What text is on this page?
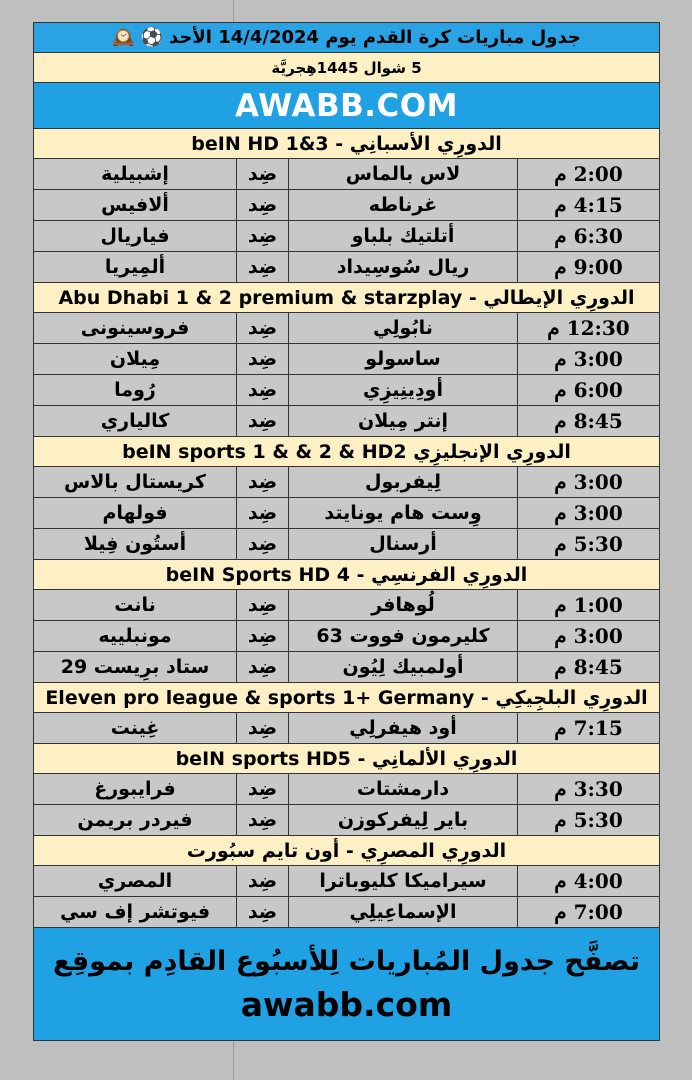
جدول مباريات كرة القدم يوم 14/4/2024 الأحد
⚽
🕰️
5 شوال 1445هِجريَّة
AWABB.COM
الدورِي الأسبانِي - beIN HD 1&3
2:00 م
لاس بالماس
ضِد
إشبيلية
4:15 م
غرناطه
ضِد
ألافيس
6:30 م
أتلتيك بلباو
ضِد
فياريال
9:00 م
ريال سُوسِيداد
ضِد
ألمِيريا
الدورِي الإيطالي - Abu Dhabi 1 & 2 premium & starzplay
12:30 م
نابُولِي
ضِد
فروسينونى
3:00 م
ساسولو
ضِد
مِيلان
6:00 م
أودِينِيزِي
ضِد
رُوما
8:45 م
إنتر مِيلان
ضِد
كالياري
الدورِي الإنجليزِي beIN sports 1 & & 2 & HD2
3:00 م
لِيفربول
ضِد
كريستال بالاس
3:00 م
وِست هام يونايتد
ضِد
فولهام
5:30 م
أرسنال
ضِد
أستُون فِيلا
الدورِي الفرنسِي - beIN Sports HD 4
1:00 م
لُوهافر
ضِد
نانت
3:00 م
كليرمون فووت 63
ضِد
مونبلييه
8:45 م
أولمبيك لِيُون
ضِد
ستاد برِيست 29
الدورِي البلجِيكِي - Eleven pro league & sports 1+ Germany
7:15 م
أود هيفرلِي
ضِد
غِينت
الدورِي الألمانِي - beIN sports HD5
3:30 م
دارمشتات
ضِد
فرايبورغ
5:30 م
باير لِيفركوزن
ضِد
فيردر بريمن
الدورِي المصرِي - أون تايم سبُورت
4:00 م
سيراميكا كليوباترا
ضِد
المصري
7:00 م
الإسماعِيلِي
ضِد
فيوتشر إف سي
تصفَّح جدول المُباريات لِلأسبُوع القادِم بموقِع
awabb.com
